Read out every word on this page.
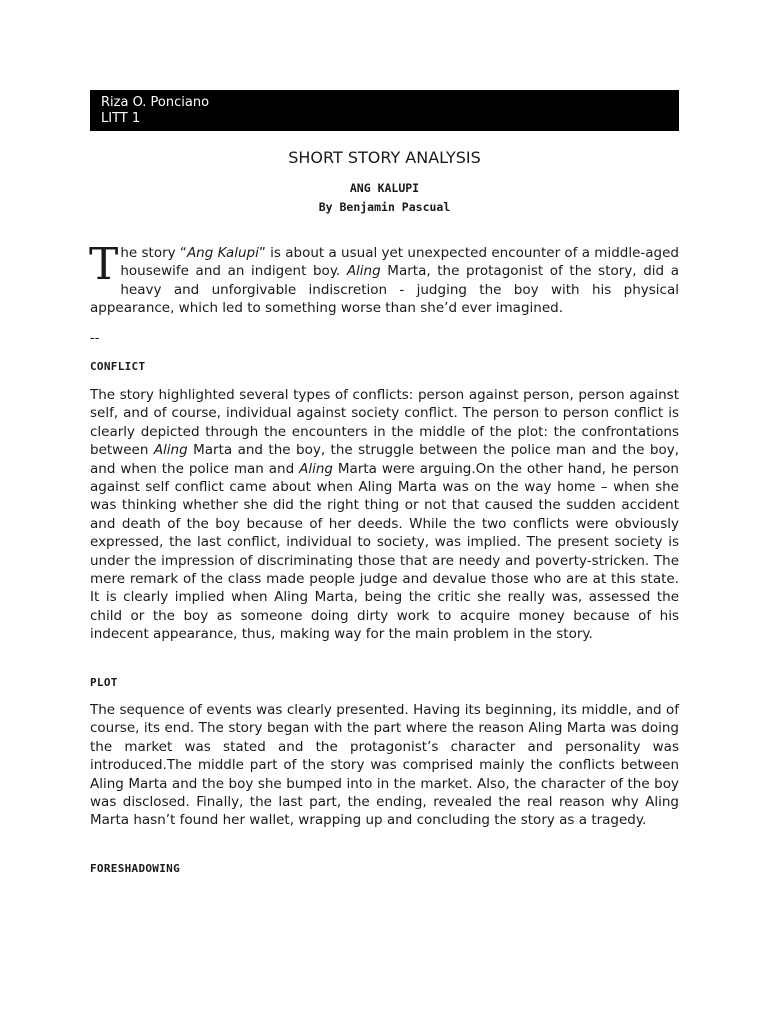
Riza O. Ponciano
LITT 1
SHORT STORY ANALYSIS
ANG KALUPI
By Benjamin Pascual

The story “Ang Kalupi” is about a usual yet unexpected encounter of a middle-aged housewife and an indigent boy. Aling Marta, the protagonist of the story, did a heavy and unforgivable indiscretion - judging the boy with his physical appearance, which led to something worse than she’d ever imagined.

--
CONFLICT

The story highlighted several types of conflicts: person against person, person against self, and of course, individual against society conflict. The person to person conflict is clearly depicted through the encounters in the middle of the plot: the confrontations between Aling Marta and the boy, the struggle between the police man and the boy, and when the police man and Aling Marta were arguing.On the other hand, he person against self conflict came about when Aling Marta was on the way home – when she was thinking whether she did the right thing or not that caused the sudden accident and death of the boy because of her deeds. While the two conflicts were obviously expressed, the last conflict, individual to society, was implied. The present society is under the impression of discriminating those that are needy and poverty-stricken. The mere remark of the class made people judge and devalue those who are at this state. It is clearly implied when Aling Marta, being the critic she really was, assessed the child or the boy as someone doing dirty work to acquire money because of his indecent appearance, thus, making way for the main problem in the story.

PLOT

The sequence of events was clearly presented. Having its beginning, its middle, and of course, its end. The story began with the part where the reason Aling Marta was doing the market was stated and the protagonist’s character and personality was introduced.The middle part of the story was comprised mainly the conflicts between Aling Marta and the boy she bumped into in the market. Also, the character of the boy was disclosed. Finally, the last part, the ending, revealed the real reason why Aling Marta hasn’t found her wallet, wrapping up and concluding the story as a tragedy.

FORESHADOWING
